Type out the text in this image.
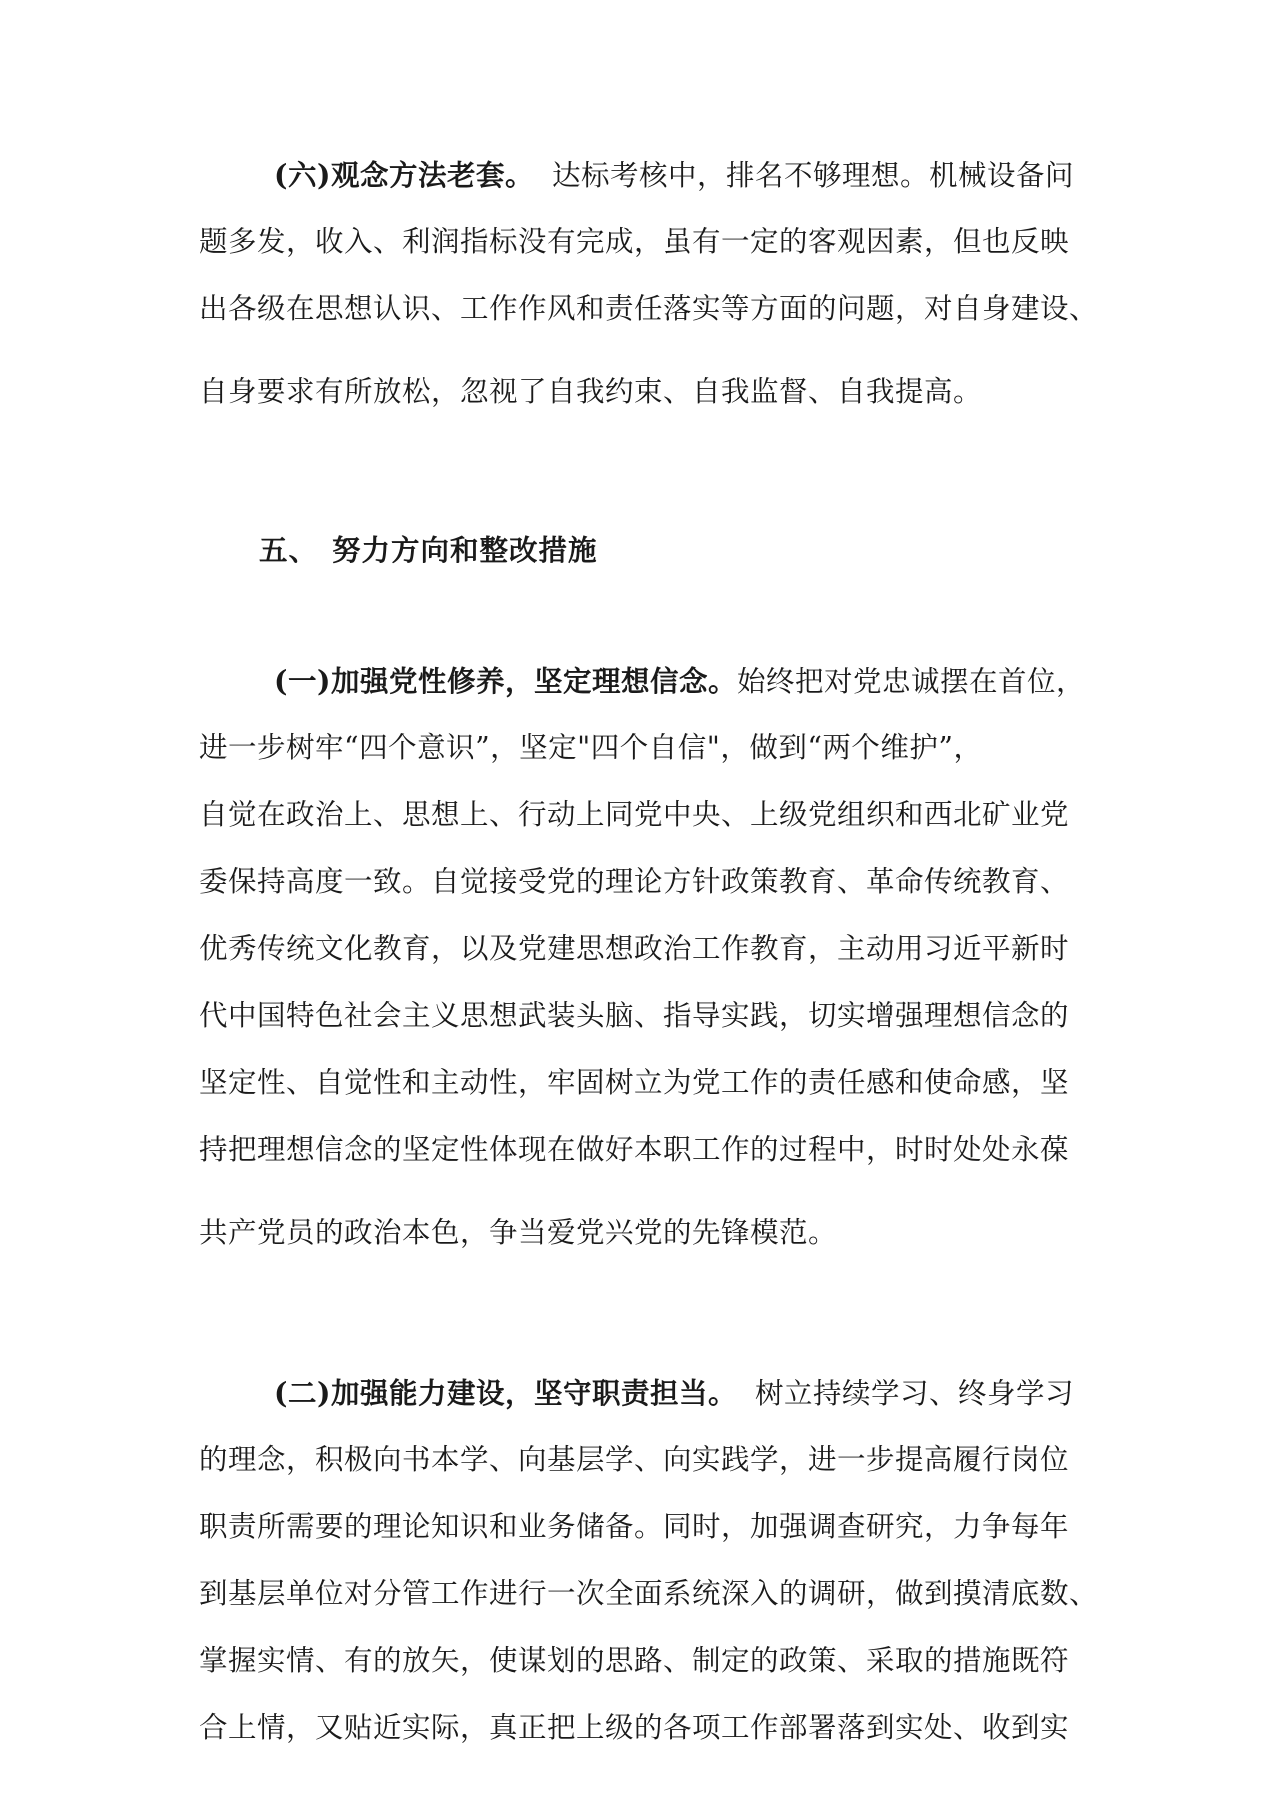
(六)观念方法老套。 达标考核中，排名不够理想。机械设备问
题多发，收入、利润指标没有完成，虽有一定的客观因素，但也反映
出各级在思想认识、工作作风和责任落实等方面的问题，对自身建设、
自身要求有所放松，忽视了自我约束、自我监督、自我提高。
五、 努力方向和整改措施
(一)加强党性修养，坚定理想信念。始终把对党忠诚摆在首位，
进一步树牢“四个意识”，坚定"四个自信"，做到“两个维护”，
自觉在政治上、思想上、行动上同党中央、上级党组织和西北矿业党
委保持高度一致。自觉接受党的理论方针政策教育、革命传统教育、
优秀传统文化教育，以及党建思想政治工作教育，主动用习近平新时
代中国特色社会主义思想武装头脑、指导实践，切实增强理想信念的
坚定性、自觉性和主动性，牢固树立为党工作的责任感和使命感，坚
持把理想信念的坚定性体现在做好本职工作的过程中，时时处处永葆
共产党员的政治本色，争当爱党兴党的先锋模范。
(二)加强能力建设，坚守职责担当。 树立持续学习、终身学习
的理念，积极向书本学、向基层学、向实践学，进一步提高履行岗位
职责所需要的理论知识和业务储备。同时，加强调查研究，力争每年
到基层单位对分管工作进行一次全面系统深入的调研，做到摸清底数、
掌握实情、有的放矢，使谋划的思路、制定的政策、采取的措施既符
合上情，又贴近实际，真正把上级的各项工作部署落到实处、收到实
